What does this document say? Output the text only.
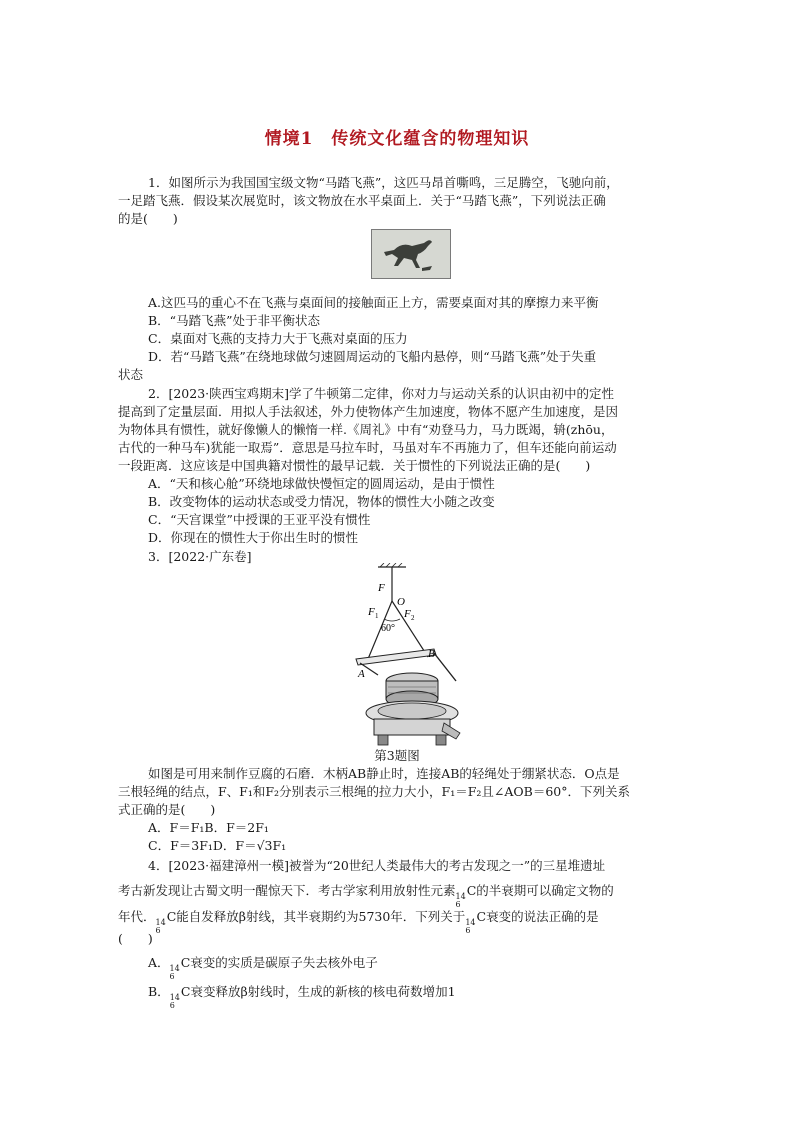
情境1　传统文化蕴含的物理知识
1．如图所示为我国国宝级文物“马踏飞燕”，这匹马昂首嘶鸣，三足腾空，飞驰向前，
一足踏飞燕．假设某次展览时，该文物放在水平桌面上．关于“马踏飞燕”，下列说法正确
的是(　　)
A.这匹马的重心不在飞燕与桌面间的接触面正上方，需要桌面对其的摩擦力来平衡
B．“马踏飞燕”处于非平衡状态
C．桌面对飞燕的支持力大于飞燕对桌面的压力
D．若“马踏飞燕”在绕地球做匀速圆周运动的飞船内悬停，则“马踏飞燕”处于失重
状态
2．[2023·陕西宝鸡期末]学了牛顿第二定律，你对力与运动关系的认识由初中的定性
提高到了定量层面．用拟人手法叙述，外力使物体产生加速度，物体不愿产生加速度，是因
为物体具有惯性，就好像懒人的懒惰一样.《周礼》中有“劝登马力，马力既竭，辀(zhōu，
古代的一种马车)犹能一取焉”．意思是马拉车时，马虽对车不再施力了，但车还能向前运动
一段距离．这应该是中国典籍对惯性的最早记载．关于惯性的下列说法正确的是(　　)
A．“天和核心舱”环绕地球做快慢恒定的圆周运动，是由于惯性
B．改变物体的运动状态或受力情况，物体的惯性大小随之改变
C．“天宫课堂”中授课的王亚平没有惯性
D．你现在的惯性大于你出生时的惯性
3．[2022·广东卷]
F
O
F 1 F 2
60°
A
B
第3题图
如图是可用来制作豆腐的石磨．木柄AB静止时，连接AB的轻绳处于绷紧状态．O点是
三根轻绳的结点，F、F₁和F₂分别表示三根绳的拉力大小，F₁＝F₂且∠AOB＝60°．下列关系
式正确的是(　　)
A．F＝F₁B．F＝2F₁
C．F＝3F₁D．F＝√3F₁
4．[2023·福建漳州一模]被誉为“20世纪人类最伟大的考古发现之一”的三星堆遗址
考古新发现让古蜀文明一醒惊天下．考古学家利用放射性元素 14
6
C的半衰期可以确定文物的
年代． 14
6
C能自发释放β射线，其半衰期约为5730年．下列关于 14
6
C衰变的说法正确的是
(　　)
A． 14
6
C衰变的实质是碳原子失去核外电子
B． 14
6
C衰变释放β射线时，生成的新核的核电荷数增加1
